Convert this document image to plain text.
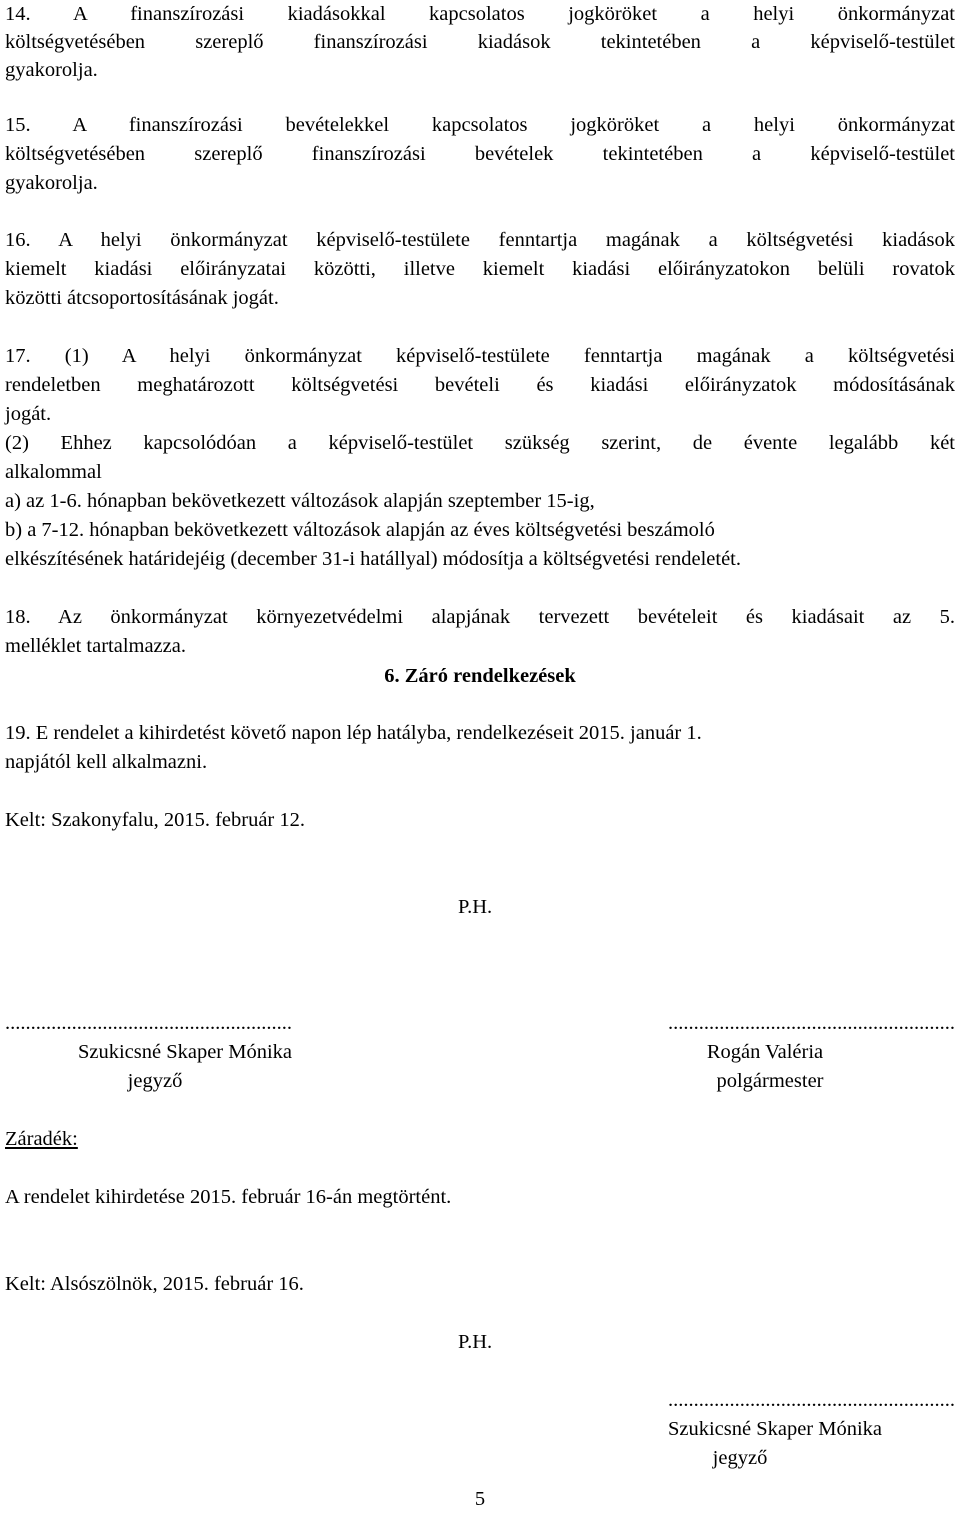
14. A finanszírozási kiadásokkal kapcsolatos jogköröket a helyi önkormányzat
költségvetésében szereplő finanszírozási kiadások tekintetében a képviselő-testület
gyakorolja.
15. A finanszírozási bevételekkel kapcsolatos jogköröket a helyi önkormányzat
költségvetésében szereplő finanszírozási bevételek tekintetében a képviselő-testület
gyakorolja.
16. A helyi önkormányzat képviselő-testülete fenntartja magának a költségvetési kiadások
kiemelt kiadási előirányzatai közötti, illetve kiemelt kiadási előirányzatokon belüli rovatok
közötti átcsoportosításának jogát.
17. (1) A helyi önkormányzat képviselő-testülete fenntartja magának a költségvetési
rendeletben meghatározott költségvetési bevételi és kiadási előirányzatok módosításának
jogát.
(2) Ehhez kapcsolódóan a képviselő-testület szükség szerint, de évente legalább két
alkalommal
a) az 1-6. hónapban bekövetkezett változások alapján szeptember 15-ig,
b) a 7-12. hónapban bekövetkezett változások alapján az éves költségvetési beszámoló
elkészítésének határidejéig (december 31-i hatállyal) módosítja a költségvetési rendeletét.
18. Az önkormányzat környezetvédelmi alapjának tervezett bevételeit és kiadásait az 5.
melléklet tartalmazza.
6. Záró rendelkezések
19. E rendelet a kihirdetést követő napon lép hatályba, rendelkezéseit 2015. január 1.
napjától kell alkalmazni.
Kelt: Szakonyfalu, 2015. február 12.
P.H.
........................................................
Szukicsné Skaper Mónika
jegyző
........................................................
Rogán Valéria
polgármester
Záradék:
A rendelet kihirdetése 2015. február 16-án megtörtént.
Kelt: Alsószölnök, 2015. február 16.
P.H.
........................................................
Szukicsné Skaper Mónika
jegyző
5
